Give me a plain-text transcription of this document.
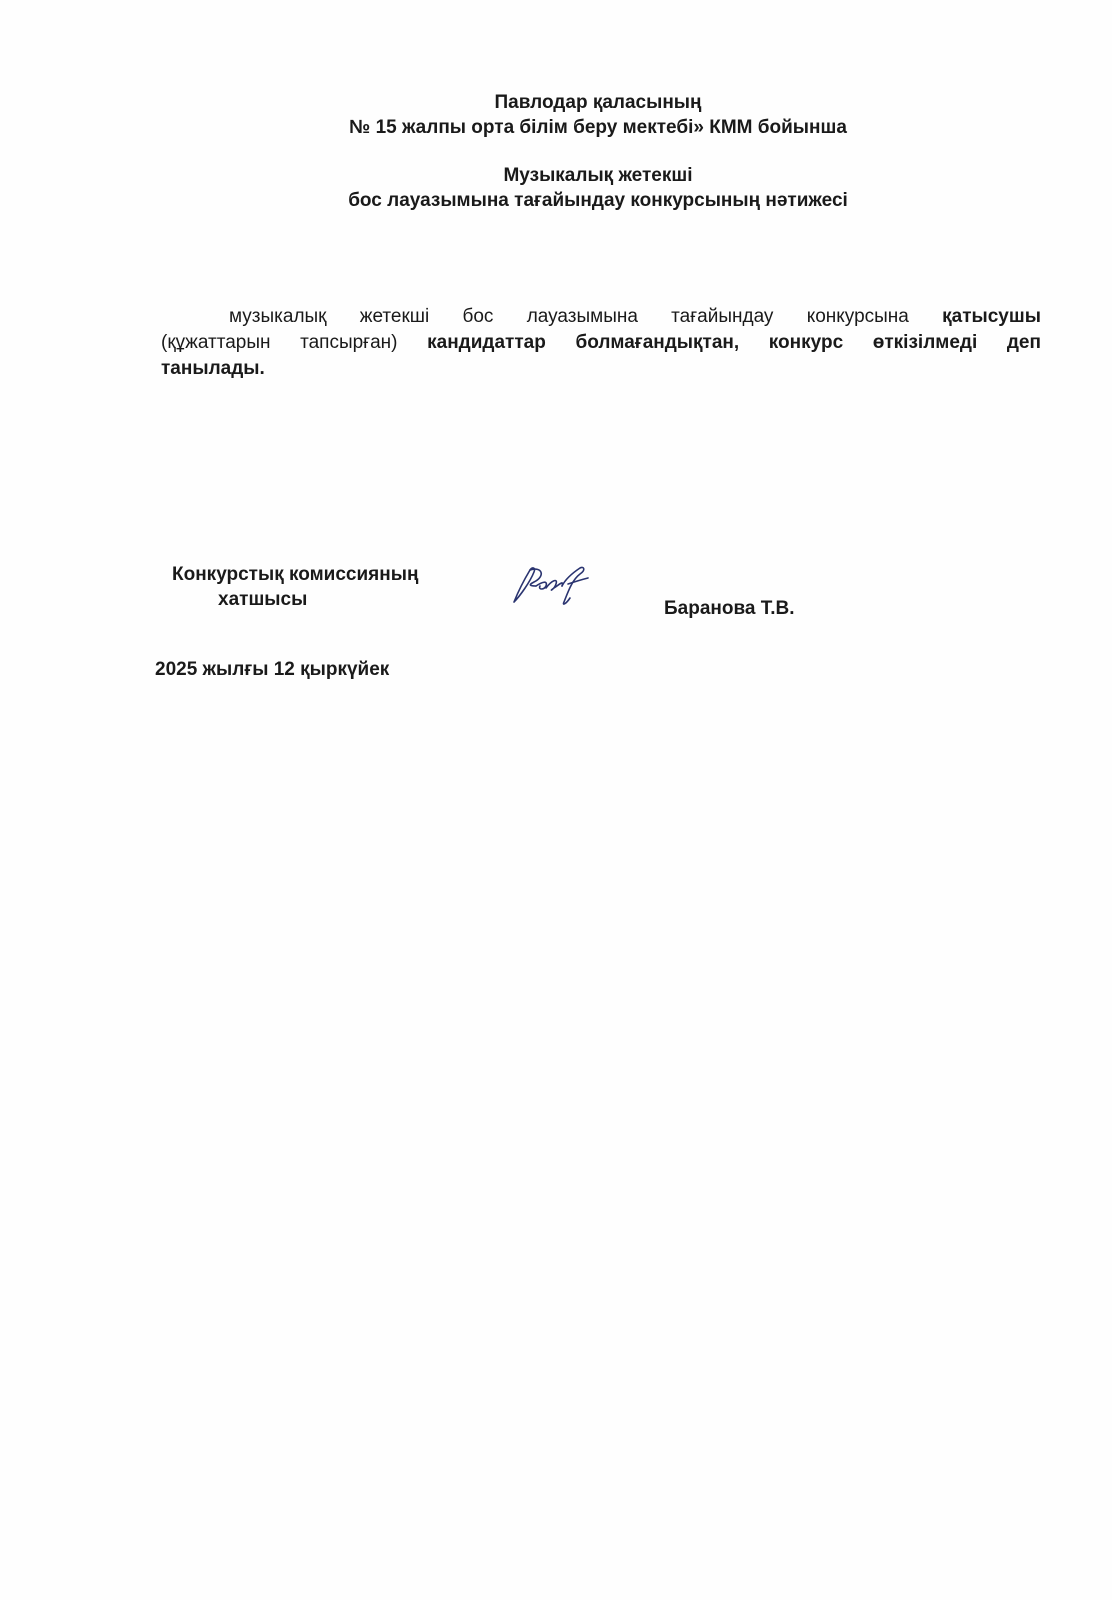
Павлодар қаласының
№ 15 жалпы орта білім беру мектебі» КММ бойынша
Музыкалық жетекші
бос лауазымына тағайындау конкурсының нәтижесі
музыкалық жетекші бос лауазымына тағайындау конкурсына қатысушы
(құжаттарын тапсырған) кандидаттар болмағандықтан, конкурс өткізілмеді деп
танылады.
Конкурстық комиссияның
хатшысы	Баранова Т.В.
2025 жылғы 12 қыркүйек
